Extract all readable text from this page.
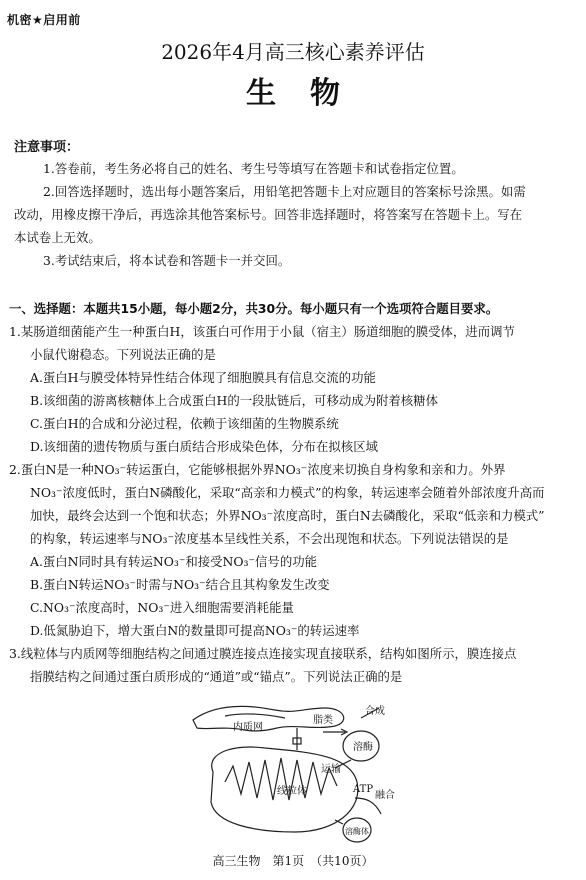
机密★启用前
2026年4月高三核心素养评估
生物
注意事项：
1.答卷前，考生务必将自己的姓名、考生号等填写在答题卡和试卷指定位置。
2.回答选择题时，选出每小题答案后，用铅笔把答题卡上对应题目的答案标号涂黑。如需
改动，用橡皮擦干净后，再选涂其他答案标号。回答非选择题时，将答案写在答题卡上。写在
本试卷上无效。
3.考试结束后，将本试卷和答题卡一并交回。
一、选择题：本题共15小题，每小题2分，共30分。每小题只有一个选项符合题目要求。
1.某肠道细菌能产生一种蛋白H，该蛋白可作用于小鼠（宿主）肠道细胞的膜受体，进而调节
小鼠代谢稳态。下列说法正确的是
A.蛋白H与膜受体特异性结合体现了细胞膜具有信息交流的功能
B.该细菌的游离核糖体上合成蛋白H的一段肽链后，可移动成为附着核糖体
C.蛋白H的合成和分泌过程，依赖于该细菌的生物膜系统
D.该细菌的遗传物质与蛋白质结合形成染色体，分布在拟核区域
2.蛋白N是一种NO₃⁻转运蛋白，它能够根据外界NO₃⁻浓度来切换自身构象和亲和力。外界
NO₃⁻浓度低时，蛋白N磷酸化，采取“高亲和力模式”的构象，转运速率会随着外部浓度升高而
加快，最终会达到一个饱和状态；外界NO₃⁻浓度高时，蛋白N去磷酸化，采取“低亲和力模式”
的构象，转运速率与NO₃⁻浓度基本呈线性关系，不会出现饱和状态。下列说法错误的是
A.蛋白N同时具有转运NO₃⁻和接受NO₃⁻信号的功能
B.蛋白N转运NO₃⁻时需与NO₃⁻结合且其构象发生改变
C.NO₃⁻浓度高时，NO₃⁻进入细胞需要消耗能量
D.低氮胁迫下，增大蛋白N的数量即可提高NO₃⁻的转运速率
3.线粒体与内质网等细胞结构之间通过膜连接点连接实现直接联系，结构如图所示，膜连接点
指膜结构之间通过蛋白质形成的“通道”或“锚点”。下列说法正确的是
内质网
脂类
合成
溶酶
运输
线粒体	ATP
融合
溶酶体
高三生物　第1页　（共10页）
